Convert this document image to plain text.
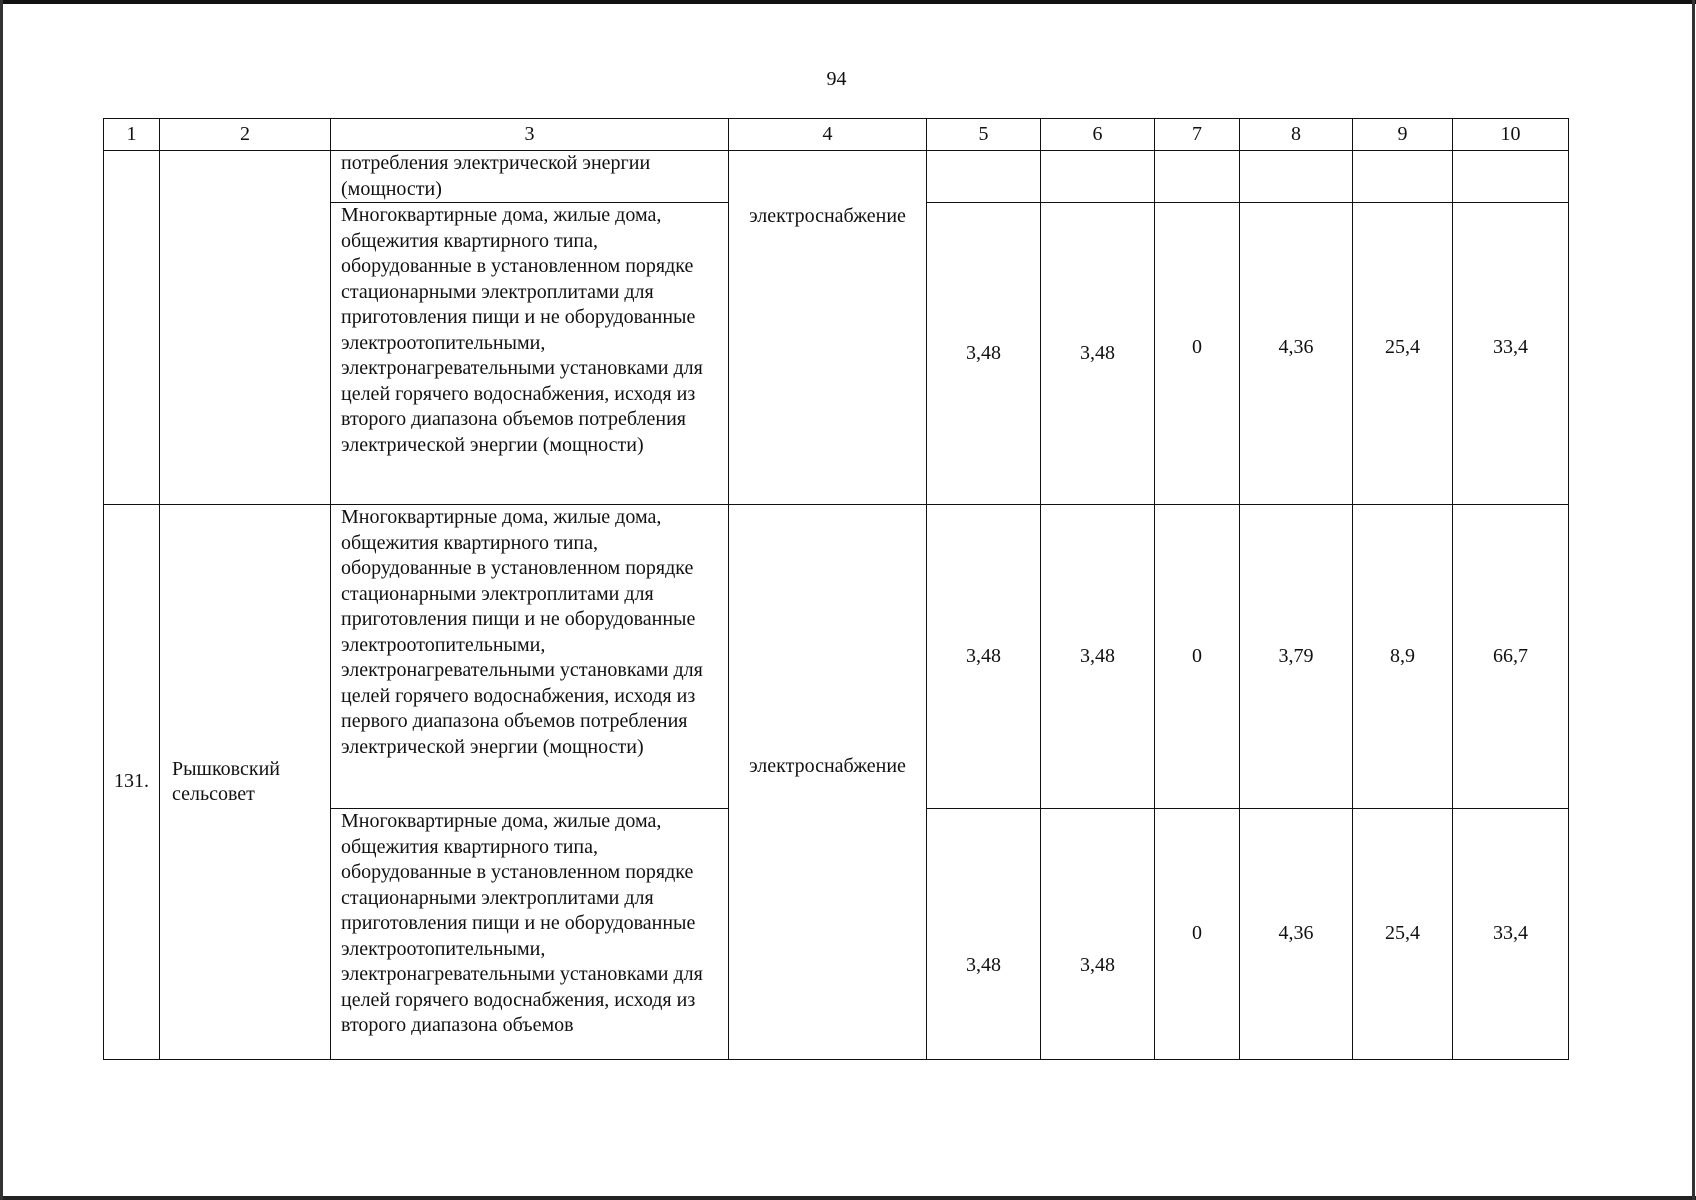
94
1	2	3	4	5	6	7	8	9	10
		потребления электрической энергии (мощности)	электроснабжение						
		Многоквартирные дома, жилые дома, общежития квартирного типа, оборудованные в установленном порядке стационарными электроплитами для приготовления пищи и не оборудованные электроотопительными, электронагревательными установками для целей горячего водоснабжения, исходя из второго диапазона объемов потребления электрической энергии (мощности)		3,48	3,48	0	4,36	25,4	33,4
131.	Рышковский сельсовет	Многоквартирные дома, жилые дома, общежития квартирного типа, оборудованные в установленном порядке стационарными электроплитами для приготовления пищи и не оборудованные электроотопительными, электронагревательными установками для целей горячего водоснабжения, исходя из первого диапазона объемов потребления электрической энергии (мощности)	электроснабжение	3,48	3,48	0	3,79	8,9	66,7
		Многоквартирные дома, жилые дома, общежития квартирного типа, оборудованные в установленном порядке стационарными электроплитами для приготовления пищи и не оборудованные электроотопительными, электронагревательными установками для целей горячего водоснабжения, исходя из второго диапазона объемов		3,48	3,48	0	4,36	25,4	33,4
